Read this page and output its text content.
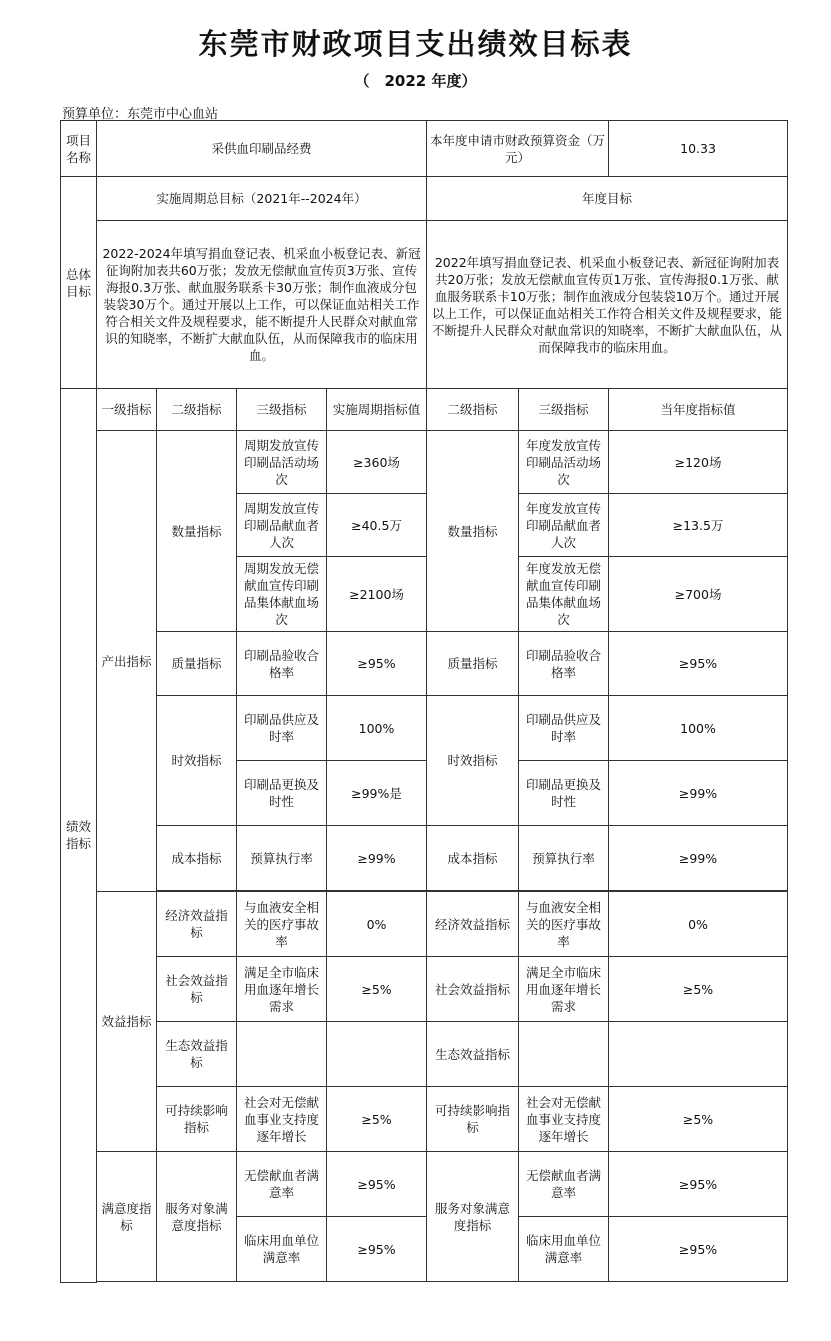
东莞市财政项目支出绩效目标表
（　2022 年度）
预算单位：东莞市中心血站
项目名称	采供血印刷品经费				本年度申请市财政预算资金（万元）		10.33
总体目标	实施周期总目标（2021年--2024年）				年度目标		
	2022-2024年填写捐血登记表、机采血小板登记表、新冠征询附加表共60万张；发放无偿献血宣传页3万张、宣传海报0.3万张、献血服务联系卡30万张；制作血液成分包装袋30万个。通过开展以上工作，可以保证血站相关工作符合相关文件及规程要求，能不断提升人民群众对献血常识的知晓率，不断扩大献血队伍，从而保障我市的临床用血。				2022年填写捐血登记表、机采血小板登记表、新冠征询附加表共20万张；发放无偿献血宣传页1万张、宣传海报0.1万张、献血服务联系卡10万张；制作血液成分包装袋10万个。通过开展以上工作，可以保证血站相关工作符合相关文件及规程要求，能不断提升人民群众对献血常识的知晓率，不断扩大献血队伍，从而保障我市的临床用血。		
绩效指标	一级指标	二级指标	三级指标	实施周期指标值	二级指标	三级指标	当年度指标值
	产出指标	数量指标	周期发放宣传印刷品活动场次	≥360场	数量指标	年度发放宣传印刷品活动场次	≥120场
			周期发放宣传印刷品献血者人次	≥40.5万		年度发放宣传印刷品献血者人次	≥13.5万
			周期发放无偿献血宣传印刷品集体献血场次	≥2100场		年度发放无偿献血宣传印刷品集体献血场次	≥700场
		质量指标	印刷品验收合格率	≥95%	质量指标	印刷品验收合格率	≥95%
		时效指标	印刷品供应及时率	100%	时效指标	印刷品供应及时率	100%
			印刷品更换及时性	≥99%是		印刷品更换及时性	≥99%
		成本指标	预算执行率	≥99%	成本指标	预算执行率	≥99%

	效益指标	经济效益指标	与血液安全相关的医疗事故率	0%	经济效益指标	与血液安全相关的医疗事故率	0%
		社会效益指标	满足全市临床用血逐年增长需求	≥5%	社会效益指标	满足全市临床用血逐年增长需求	≥5%
		生态效益指标			生态效益指标		
		可持续影响指标	社会对无偿献血事业支持度逐年增长	≥5%	可持续影响指标	社会对无偿献血事业支持度逐年增长	≥5%
	满意度指标	服务对象满意度指标	无偿献血者满意率	≥95%	服务对象满意度指标	无偿献血者满意率	≥95%
			临床用血单位满意率	≥95%		临床用血单位满意率	≥95%
